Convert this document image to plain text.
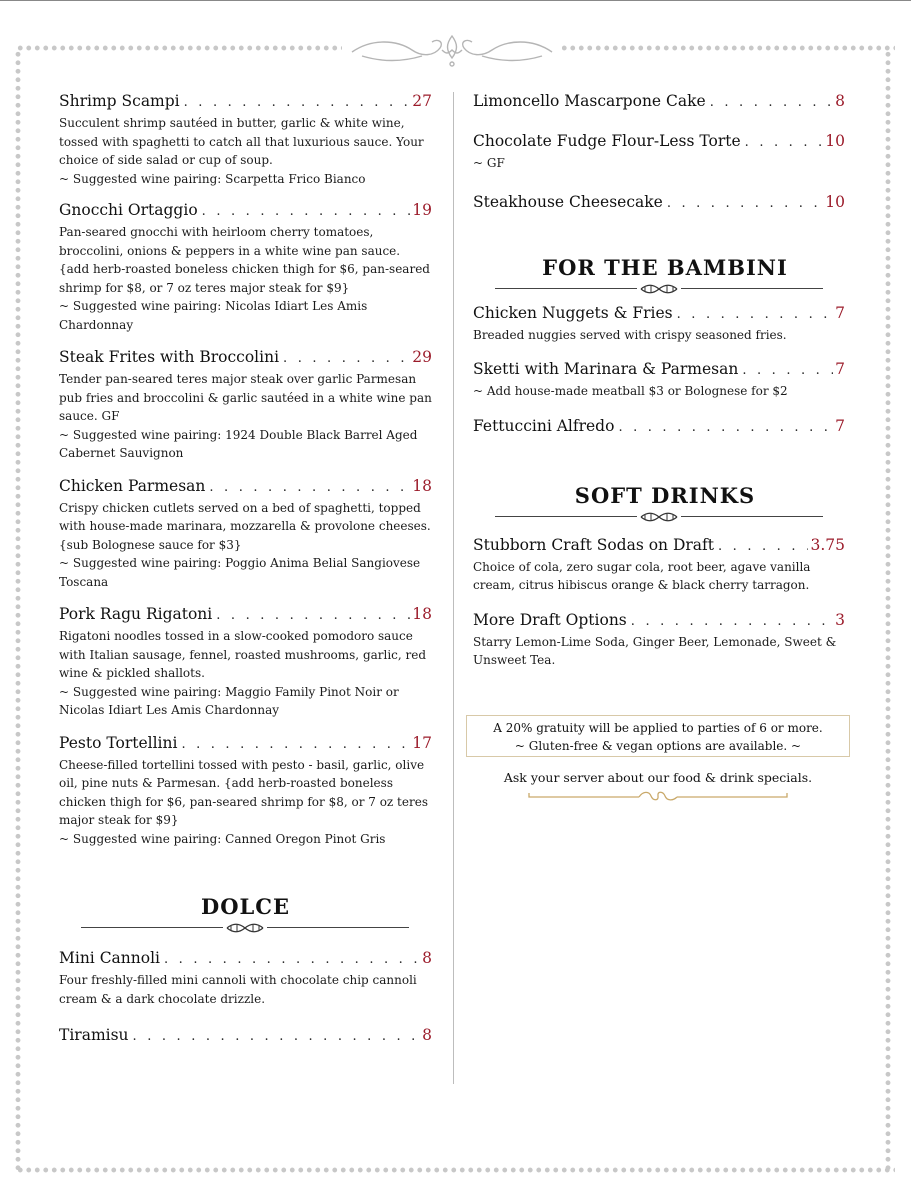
Shrimp Scampi . . .	27
Succulent shrimp sautéed in butter, garlic & white wine, tossed with spaghetti to catch all that luxurious sauce. Your choice of side salad or cup of soup.
~ Suggested wine pairing: Scarpetta Frico Bianco
Gnocchi Ortaggio . . .	19
Pan-seared gnocchi with heirloom cherry tomatoes, broccolini, onions & peppers in a white wine pan sauce. {add herb-roasted boneless chicken thigh for $6, pan-seared shrimp for $8, or 7 oz teres major steak for $9}
~ Suggested wine pairing: Nicolas Idiart Les Amis Chardonnay
Steak Frites with Broccolini . . .	29
Tender pan-seared teres major steak over garlic Parmesan pub fries and broccolini & garlic sautéed in a white wine pan sauce. GF
~ Suggested wine pairing: 1924 Double Black Barrel Aged Cabernet Sauvignon
Chicken Parmesan . . .	18
Crispy chicken cutlets served on a bed of spaghetti, topped with house-made marinara, mozzarella & provolone cheeses. {sub Bolognese sauce for $3}
~ Suggested wine pairing: Poggio Anima Belial Sangiovese Toscana
Pork Ragu Rigatoni . . .	18
Rigatoni noodles tossed in a slow-cooked pomodoro sauce with Italian sausage, fennel, roasted mushrooms, garlic, red wine & pickled shallots.
~ Suggested wine pairing: Maggio Family Pinot Noir or Nicolas Idiart Les Amis Chardonnay
Pesto Tortellini . . .	17
Cheese-filled tortellini tossed with pesto - basil, garlic, olive oil, pine nuts & Parmesan. {add herb-roasted boneless chicken thigh for $6, pan-seared shrimp for $8, or 7 oz teres major steak for $9}
~ Suggested wine pairing: Canned Oregon Pinot Gris
DOLCE
Mini Cannoli . . .	8
Four freshly-filled mini cannoli with chocolate chip cannoli cream & a dark chocolate drizzle.
Tiramisu . . .	8
Limoncello Mascarpone Cake . . .	8
Chocolate Fudge Flour-Less Torte . . .	10
~ GF
Steakhouse Cheesecake . . .	10
FOR THE BAMBINI
Chicken Nuggets & Fries . . .	7
Breaded nuggies served with crispy seasoned fries.
Sketti with Marinara & Parmesan . . .	7
~ Add house-made meatball $3 or Bolognese for $2
Fettuccini Alfredo . . .	7
SOFT DRINKS
Stubborn Craft Sodas on Draft . . .	3.75
Choice of cola, zero sugar cola, root beer, agave vanilla cream, citrus hibiscus orange & black cherry tarragon.
More Draft Options . . .	3
Starry Lemon-Lime Soda, Ginger Beer, Lemonade, Sweet & Unsweet Tea.
A 20% gratuity will be applied to parties of 6 or more.
~ Gluten-free & vegan options are available. ~
Ask your server about our food & drink specials.
